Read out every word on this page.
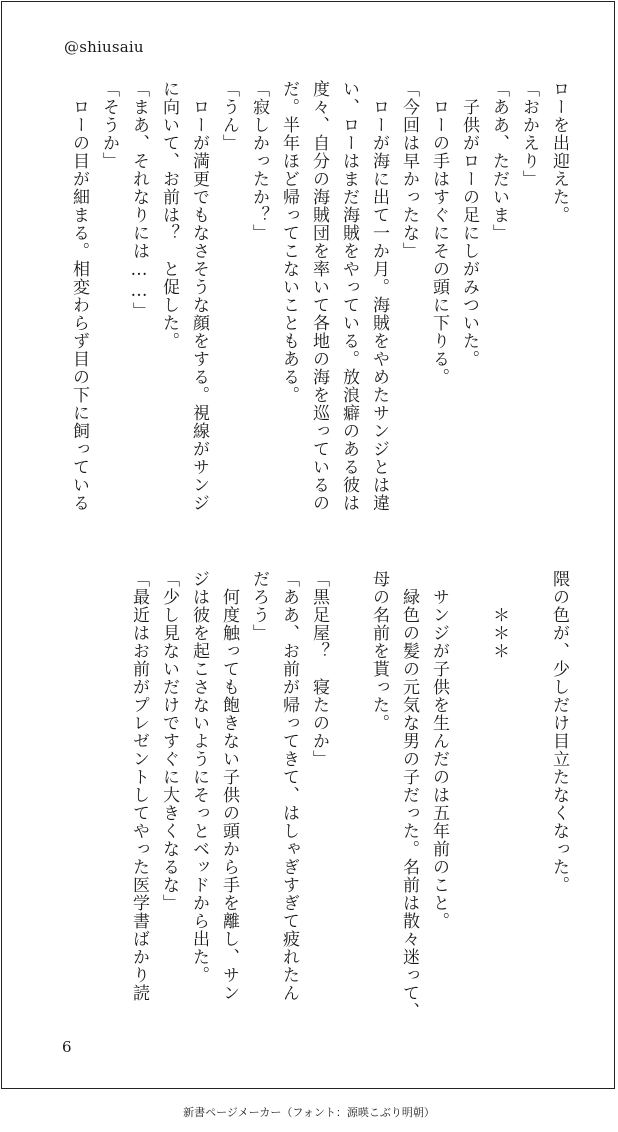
@shiusaiu
ローを出迎えた。
「おかえり」
「ああ、ただいま」
　子供がローの足にしがみついた。
　ローの手はすぐにその頭に下りる。
「今回は早かったな」
　ローが海に出て一か月。海賊をやめたサンジとは違
い、ローはまだ海賊をやっている。放浪癖のある彼は
度々、自分の海賊団を率いて各地の海を巡っているの
だ。半年ほど帰ってこないこともある。
「寂しかったか？」
「うん」
　ローが満更でもなさそうな顔をする。視線がサンジ
に向いて、お前は？　と促した。
「まあ、それなりには……」
「そうか」
　ローの目が細まる。相変わらず目の下に飼っている
隈の色が、少しだけ目立たなくなった。

　　＊＊＊

　サンジが子供を生んだのは五年前のこと。
　緑色の髪の元気な男の子だった。名前は散々迷って、
母の名前を貰った。

「黒足屋？　寝たのか」
「ああ、お前が帰ってきて、はしゃぎすぎて疲れたん
だろう」
　何度触っても飽きない子供の頭から手を離し、サン
ジは彼を起こさないようにそっとベッドから出た。
「少し見ないだけですぐに大きくなるな」
「最近はお前がプレゼントしてやった医学書ばかり読
6
新書ページメーカー（フォント：源暎こぶり明朝）
